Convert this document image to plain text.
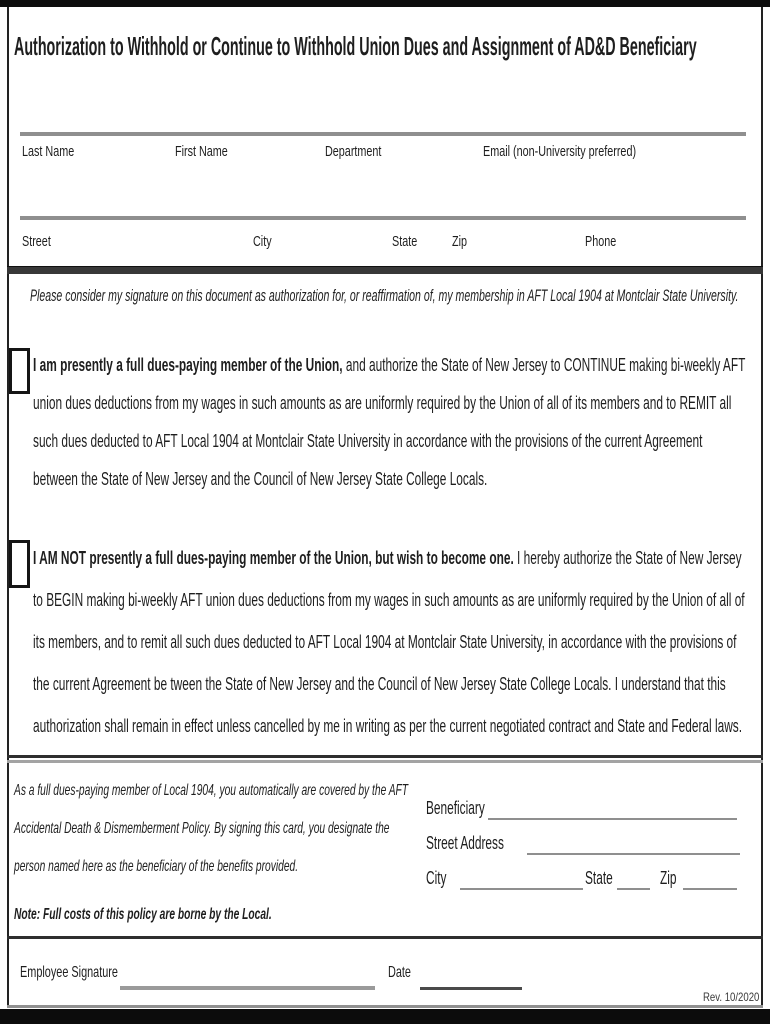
Authorization to Withhold or Continue to Withhold Union Dues and Assignment of AD&D Beneficiary
Last Name	First Name	Department	Email (non-University preferred)
Street	City	State Zip	Phone
Please consider my signature on this document as authorization for, or reaffirmation of, my membership in AFT Local 1904 at Montclair State University.
I am presently a full dues-paying member of the Union, and authorize the State of New Jersey to CONTINUE making bi-weekly AFT union dues deductions from my wages in such amounts as are uniformly required by the Union of all of its members and to REMIT all such dues deducted to AFT Local 1904 at Montclair State University in accordance with the provisions of the current Agreement between the State of New Jersey and the Council of New Jersey State College Locals.
I AM NOT presently a full dues-paying member of the Union, but wish to become one. I hereby authorize the State of New Jersey to BEGIN making bi-weekly AFT union dues deductions from my wages in such amounts as are uniformly required by the Union of all of its members, and to remit all such dues deducted to AFT Local 1904 at Montclair State University, in accordance with the provisions of the current Agreement be tween the State of New Jersey and the Council of New Jersey State College Locals. I understand that this authorization shall remain in effect unless cancelled by me in writing as per the current negotiated contract and State and Federal laws.
As a full dues-paying member of Local 1904, you automatically are covered by the AFT Accidental Death & Dismemberment Policy. By signing this card, you designate the person named here as the beneficiary of the benefits provided.
Note: Full costs of this policy are borne by the Local.
Beneficiary
Street Address
City	State	Zip
Employee Signature	Date
Rev. 10/2020
